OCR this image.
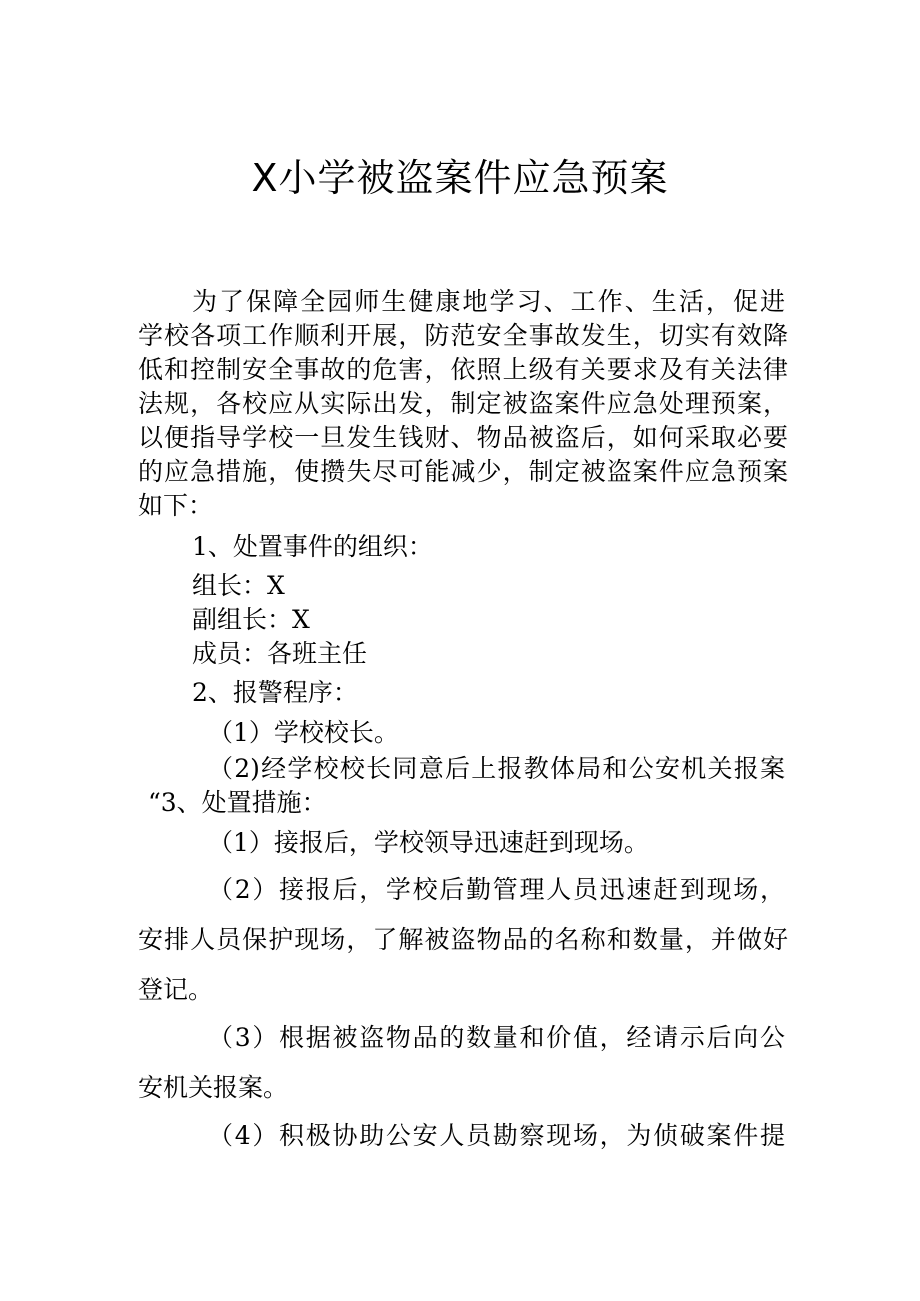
X小学被盗案件应急预案
为了保障全园师生健康地学习、工作、生活，促进
学校各项工作顺利开展，防范安全事故发生，切实有效降
低和控制安全事故的危害，依照上级有关要求及有关法律
法规，各校应从实际出发，制定被盗案件应急处理预案，
以便指导学校一旦发生钱财、物品被盗后，如何采取必要
的应急措施，使攒失尽可能减少，制定被盗案件应急预案
如下：
1、处置事件的组织：
组长：X
副组长：X
成员：各班主任
2、报警程序：
（1）学校校长。
（2)经学校校长同意后上报教体局和公安机关报案
“3、处置措施：
（1）接报后，学校领导迅速赶到现场。
（2）接报后，学校后勤管理人员迅速赶到现场，
安排人员保护现场，了解被盗物品的名称和数量，并做好
登记。
（3）根据被盗物品的数量和价值，经请示后向公
安机关报案。
（4）积极协助公安人员勘察现场，为侦破案件提
